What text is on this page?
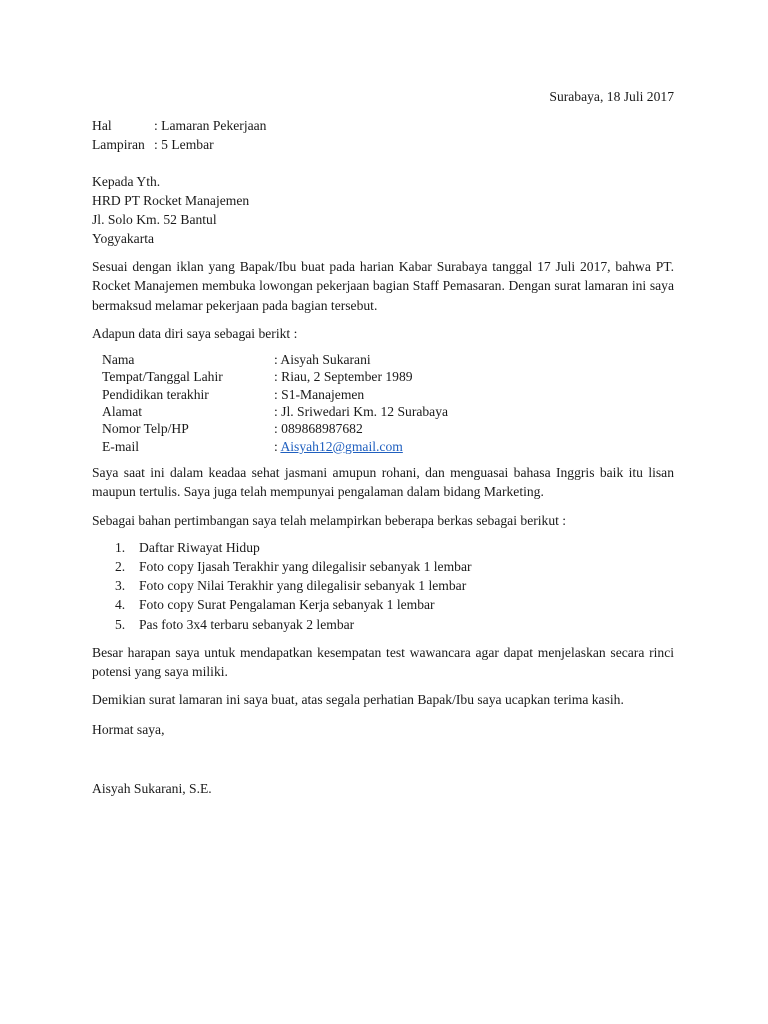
Surabaya, 18 Juli 2017

Hal	: Lamaran Pekerjaan
Lampiran : 5 Lembar
Kepada Yth.
HRD PT Rocket Manajemen
Jl. Solo Km. 52 Bantul
Yogyakarta

Sesuai dengan iklan yang Bapak/Ibu buat pada harian Kabar Surabaya tanggal 17 Juli 2017, bahwa PT. Rocket Manajemen membuka lowongan pekerjaan bagian Staff Pemasaran. Dengan surat lamaran ini saya bermaksud melamar pekerjaan pada bagian tersebut.

Adapun data diri saya sebagai berikt :

Nama	: Aisyah Sukarani
Tempat/Tanggal Lahir	: Riau, 2 September 1989
Pendidikan terakhir	: S1-Manajemen
Alamat	: Jl. Sriwedari Km. 12 Surabaya
Nomor Telp/HP	: 089868987682
E-mail	: Aisyah12@gmail.com

Saya saat ini dalam keadaa sehat jasmani amupun rohani, dan menguasai bahasa Inggris baik itu lisan maupun tertulis. Saya juga telah mempunyai pengalaman dalam bidang Marketing.

Sebagai bahan pertimbangan saya telah melampirkan beberapa berkas sebagai berikut :

1.	Daftar Riwayat Hidup
2.	Foto copy Ijasah Terakhir yang dilegalisir sebanyak 1 lembar
3.	Foto copy Nilai Terakhir yang dilegalisir sebanyak 1 lembar
4.	Foto copy Surat Pengalaman Kerja sebanyak 1 lembar
5.	Pas foto 3x4 terbaru sebanyak 2 lembar

Besar harapan saya untuk mendapatkan kesempatan test wawancara agar dapat menjelaskan secara rinci potensi yang saya miliki.

Demikian surat lamaran ini saya buat, atas segala perhatian Bapak/Ibu saya ucapkan terima kasih.

Hormat saya,
Aisyah Sukarani, S.E.
